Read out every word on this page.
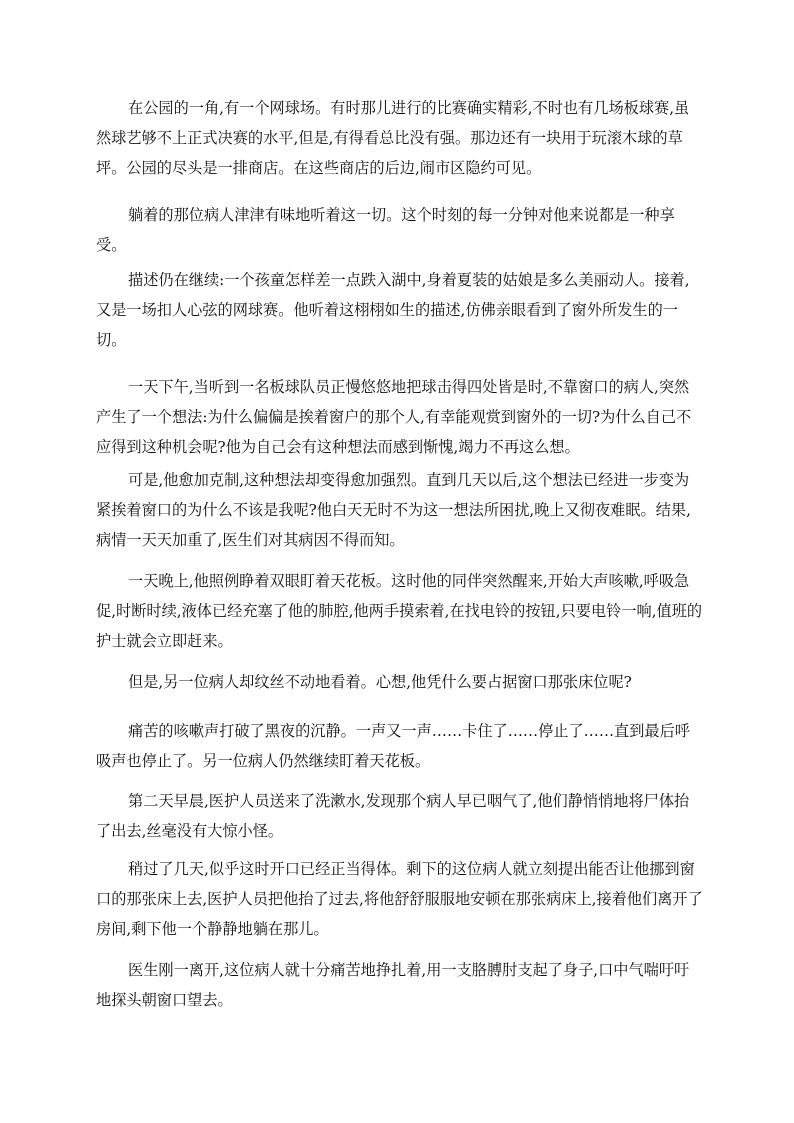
在公园的一角,有一个网球场。有时那儿进行的比赛确实精彩,不时也有几场板球赛,虽然球艺够不上正式决赛的水平,但是,有得看总比没有强。那边还有一块用于玩滚木球的草坪。公园的尽头是一排商店。在这些商店的后边,闹市区隐约可见。

躺着的那位病人津津有味地听着这一切。这个时刻的每一分钟对他来说都是一种享受。

描述仍在继续:一个孩童怎样差一点跌入湖中,身着夏装的姑娘是多么美丽动人。接着,又是一场扣人心弦的网球赛。他听着这栩栩如生的描述,仿佛亲眼看到了窗外所发生的一切。

一天下午,当听到一名板球队员正慢悠悠地把球击得四处皆是时,不靠窗口的病人,突然产生了一个想法:为什么偏偏是挨着窗户的那个人,有幸能观赏到窗外的一切?为什么自己不应得到这种机会呢?他为自己会有这种想法而感到惭愧,竭力不再这么想。

可是,他愈加克制,这种想法却变得愈加强烈。直到几天以后,这个想法已经进一步变为紧挨着窗口的为什么不该是我呢?他白天无时不为这一想法所困扰,晚上又彻夜难眠。结果,病情一天天加重了,医生们对其病因不得而知。

一天晚上,他照例睁着双眼盯着天花板。这时他的同伴突然醒来,开始大声咳嗽,呼吸急促,时断时续,液体已经充塞了他的肺腔,他两手摸索着,在找电铃的按钮,只要电铃一响,值班的护士就会立即赶来。

但是,另一位病人却纹丝不动地看着。心想,他凭什么要占据窗口那张床位呢?

痛苦的咳嗽声打破了黑夜的沉静。一声又一声……卡住了……停止了……直到最后呼吸声也停止了。另一位病人仍然继续盯着天花板。

第二天早晨,医护人员送来了洗漱水,发现那个病人早已咽气了,他们静悄悄地将尸体抬了出去,丝毫没有大惊小怪。

稍过了几天,似乎这时开口已经正当得体。剩下的这位病人就立刻提出能否让他挪到窗口的那张床上去,医护人员把他抬了过去,将他舒舒服服地安顿在那张病床上,接着他们离开了房间,剩下他一个静静地躺在那儿。

医生刚一离开,这位病人就十分痛苦地挣扎着,用一支胳膊肘支起了身子,口中气喘吁吁地探头朝窗口望去。
